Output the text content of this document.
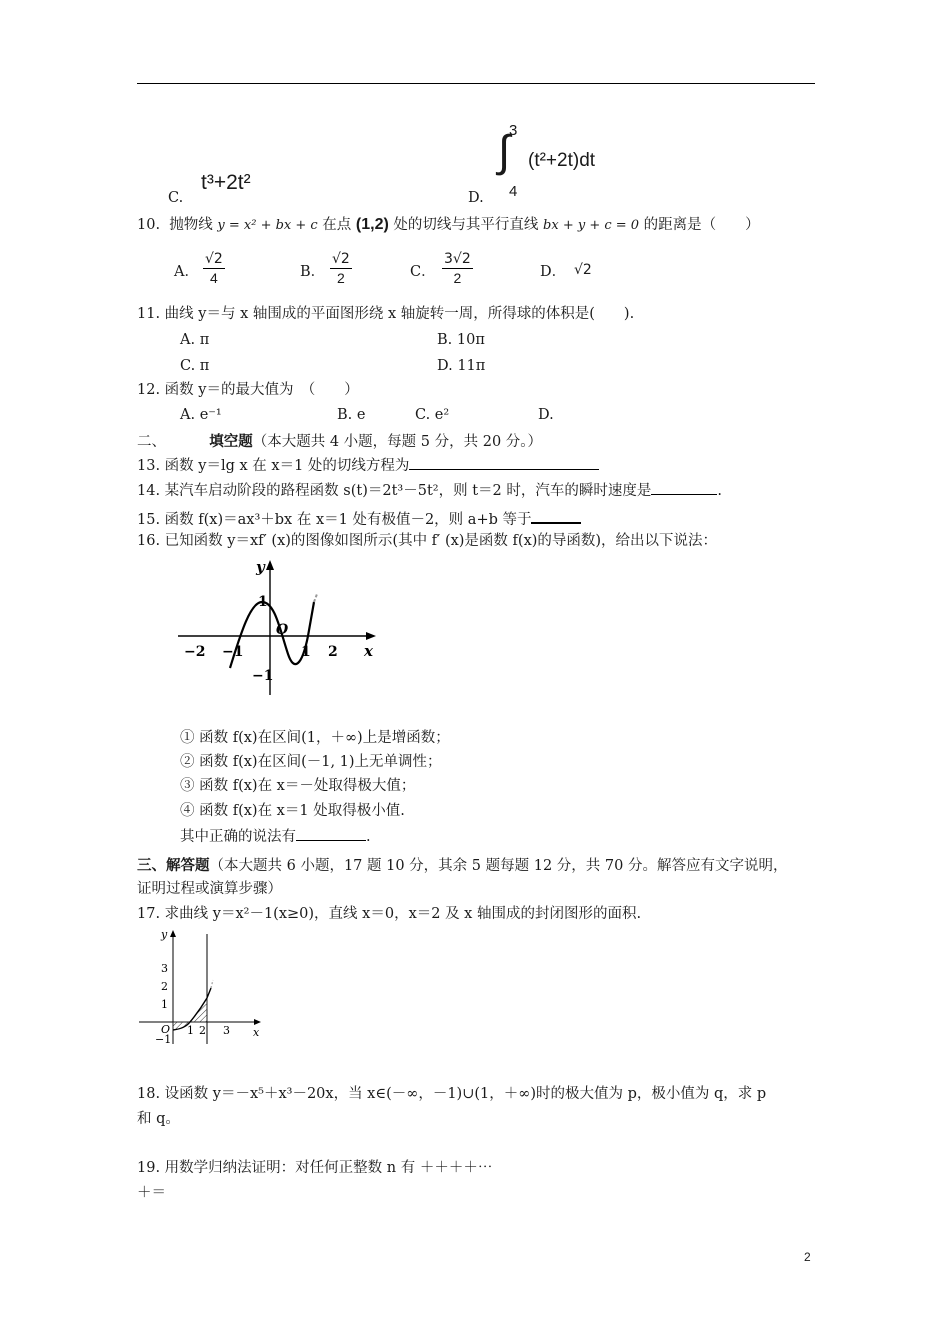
C.
t³+2t²
D.
3
∫
4
(t²+2t)dt
10. 抛物线 y = x² + bx + c 在点 (1,2) 处的切线与其平行直线 bx + y + c = 0 的距离是（　　）
A． $\frac{√2}{4}$	B． $\frac{√2}{2}$	C． $\frac{3√2}{2}$	D． √2
11. 曲线 y＝与 x 轴围成的平面图形绕 x 轴旋转一周，所得球的体积是(　　).
A. π	B. 10π
C. π	D. 11π
12. 函数 y＝的最大值为　（　　）
A. e⁻¹	B. e	C. e²	D.
二、	填空题（本大题共 4 小题，每题 5 分，共 20 分。）
13. 函数 y＝lg x 在 x＝1 处的切线方程为
14. 某汽车启动阶段的路程函数 s(t)＝2t³－5t²，则 t＝2 时，汽车的瞬时速度是	.
15. 函数 f(x)＝ax³＋bx 在 x＝1 处有极值－2，则 a+b 等于
16. 已知函数 y＝xf′ (x)的图像如图所示(其中 f′ (x)是函数 f(x)的导函数)，给出以下说法：
y
x
O
−2 −1	1 2
1
−1
① 函数 f(x)在区间(1，＋∞)上是增函数；
② 函数 f(x)在区间(－1, 1)上无单调性；
③ 函数 f(x)在 x＝－处取得极大值；
④ 函数 f(x)在 x＝1 处取得极小值.
其中正确的说法有	.
三、解答题（本大题共 6 小题，17 题 10 分，其余 5 题每题 12 分，共 70 分。解答应有文字说明，
证明过程或演算步骤）
17. 求曲线 y＝x²－1(x≥0)，直线 x＝0，x＝2 及 x 轴围成的封闭图形的面积.
y
x
O
3
2
1
−1
1 2 3
18. 设函数 y＝－x⁵＋x³－20x，当 x∈(－∞，－1)∪(1，＋∞)时的极大值为 p，极小值为 q，求 p
和 q。
19. 用数学归纳法证明：对任何正整数 n 有 ＋＋＋＋⋯
＋＝
2
